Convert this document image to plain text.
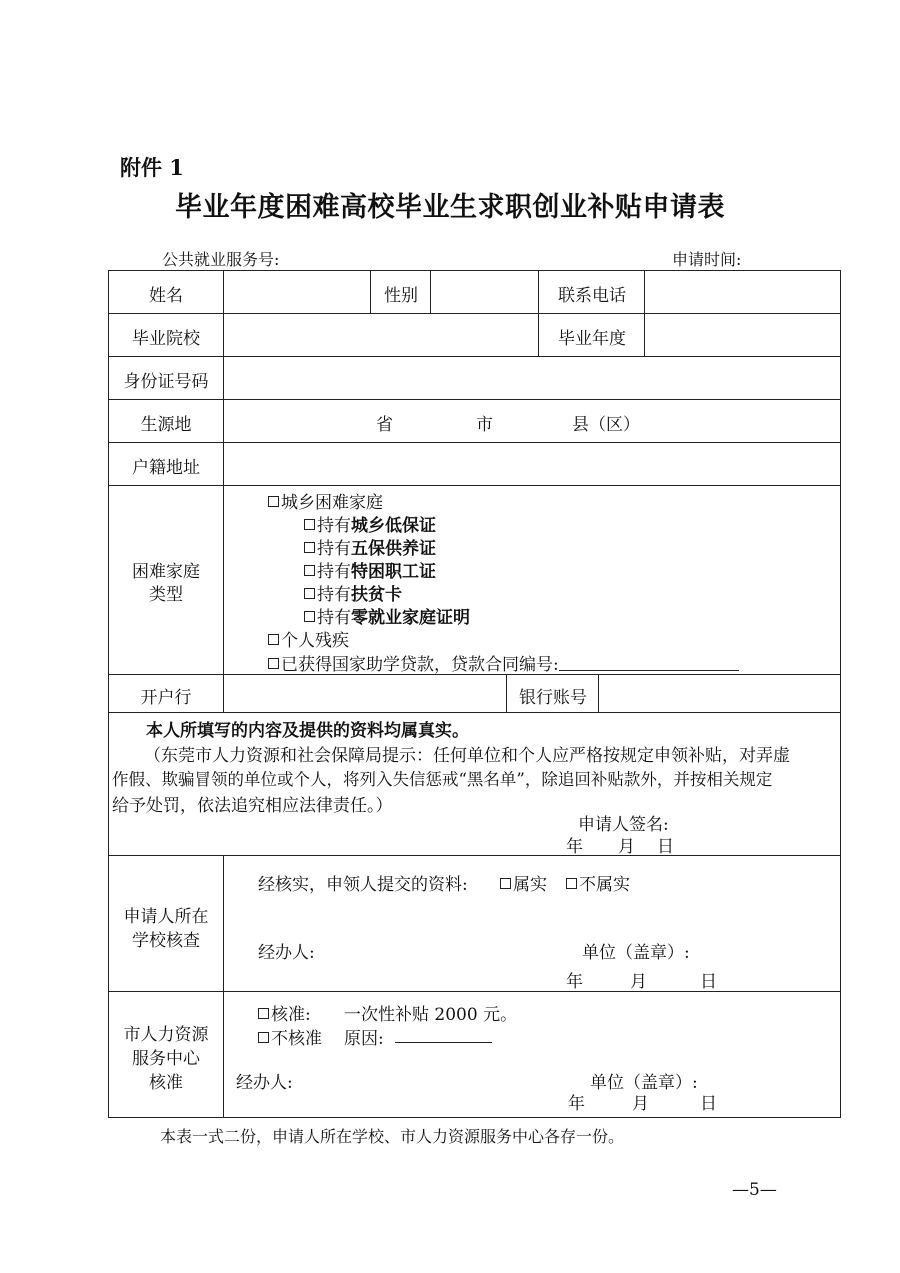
附件 1
毕业年度困难高校毕业生求职创业补贴申请表
公共就业服务号:	申请时间:
姓名	性别	联系电话
毕业院校	毕业年度
身份证号码
生源地	省	市	县（区）
户籍地址
困难家庭
类型
城乡困难家庭
持有城乡低保证
持有五保供养证
持有特困职工证
持有扶贫卡
持有零就业家庭证明
个人残疾
已获得国家助学贷款，贷款合同编号:
开户行	银行账号
本人所填写的内容及提供的资料均属真实。
（东莞市人力资源和社会保障局提示：任何单位和个人应严格按规定申领补贴，对弄虚
作假、欺骗冒领的单位或个人，将列入失信惩戒“黑名单”，除追回补贴款外，并按相关规定
给予处罚，依法追究相应法律责任。）
申请人签名:
年 月 日
申请人所在
学校核查
经核实，申领人提交的资料:	属实	不属实
经办人:	单位（盖章）:
年	月	日
市人力资源
服务中心
核准
核准: 一次性补贴 2000 元。
不核准 原因:
经办人:	单位（盖章）:
年	月	日
本表一式二份，申请人所在学校、市人力资源服务中心各存一份。
—5—
